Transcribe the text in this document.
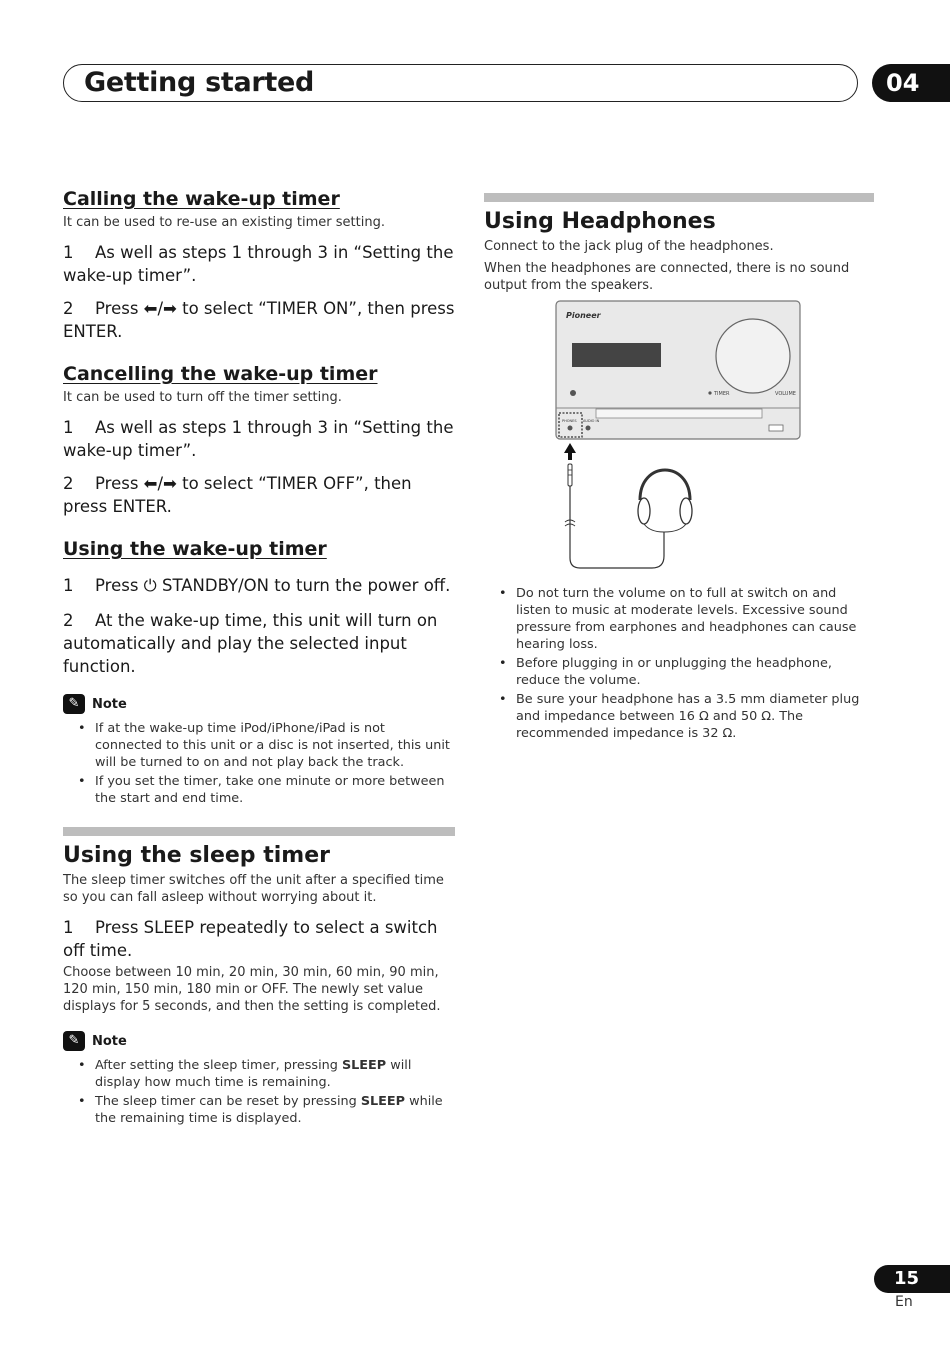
Getting started	04
Calling the wake-up timer

It can be used to re-use an existing timer setting.

1 As well as steps 1 through 3 in “Setting the wake-up timer”.

2 Press ⬅/➡ to select “TIMER ON”, then press ENTER.

Cancelling the wake-up timer

It can be used to turn off the timer setting.

1 As well as steps 1 through 3 in “Setting the wake-up timer”.

2 Press ⬅/➡ to select “TIMER OFF”, then press ENTER.

Using the wake-up timer

1 Press ⏻ STANDBY/ON to turn the power off.

2 At the wake-up time, this unit will turn on automatically and play the selected input function.

✎ Note
• If at the wake-up time iPod/iPhone/iPad is not connected to this unit or a disc is not inserted, this unit will be turned to on and not play back the track.
• If you set the timer, take one minute or more between the start and end time.
Using the sleep timer

The sleep timer switches off the unit after a specified time so you can fall asleep without worrying about it.

1 Press SLEEP repeatedly to select a switch off time.

Choose between 10 min, 20 min, 30 min, 60 min, 90 min, 120 min, 150 min, 180 min or OFF. The newly set value displays for 5 seconds, and then the setting is completed.

✎ Note
• After setting the sleep timer, pressing SLEEP will display how much time is remaining.
• The sleep timer can be reset by pressing SLEEP while the remaining time is displayed.
Using Headphones

Connect to the jack plug of the headphones.

When the headphones are connected, there is no sound output from the speakers.

Pioneer
TIMER	VOLUME
PHONES AUDIO IN
• Do not turn the volume on to full at switch on and listen to music at moderate levels. Excessive sound pressure from earphones and headphones can cause hearing loss.
• Before plugging in or unplugging the headphone, reduce the volume.
• Be sure your headphone has a 3.5 mm diameter plug and impedance between 16 Ω and 50 Ω. The recommended impedance is 32 Ω.
15
En
